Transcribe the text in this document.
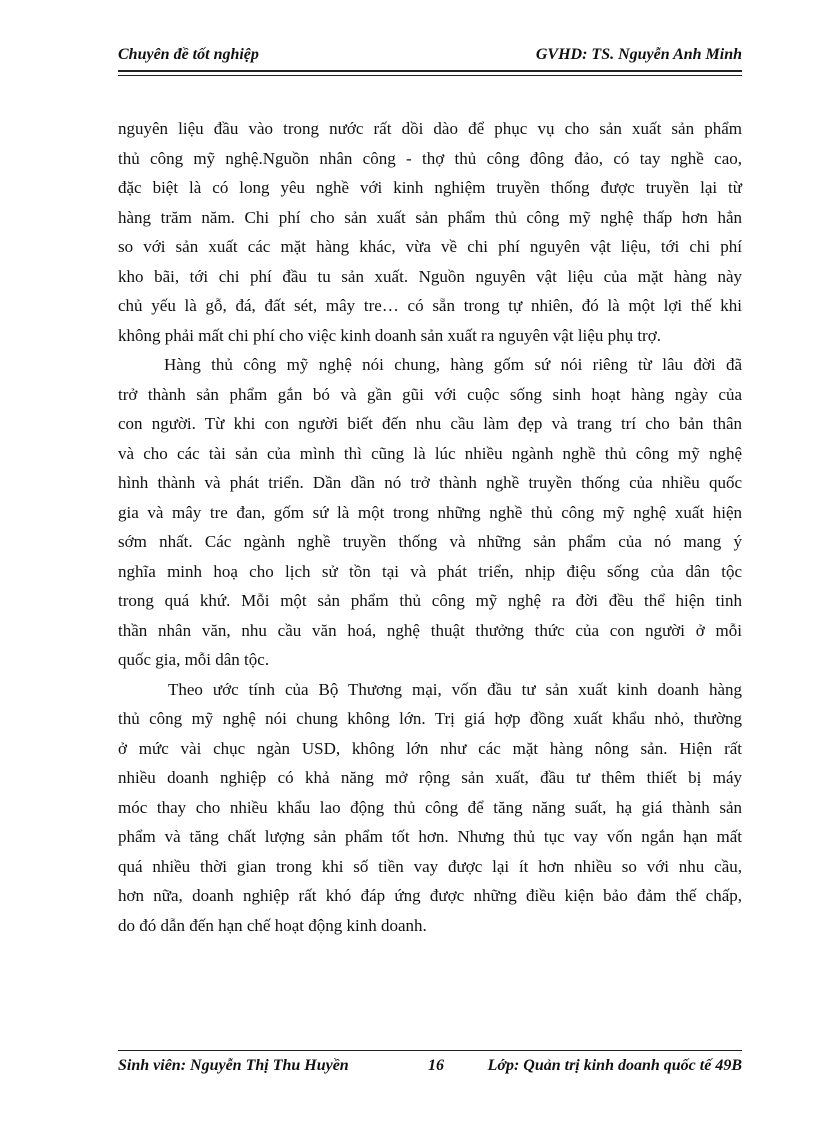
Chuyên đề tốt nghiệp	GVHD: TS. Nguyễn Anh Minh
nguyên liệu đầu vào trong nước rất dồi dào để phục vụ cho sản xuất sản phẩm
thủ công mỹ nghệ.Nguồn nhân công - thợ thủ công đông đảo, có tay nghề cao,
đặc biệt là có long yêu nghề với kinh nghiệm truyền thống được truyền lại từ
hàng trăm năm. Chi phí cho sản xuất sản phẩm thủ công mỹ nghệ thấp hơn hẳn
so với sản xuất các mặt hàng khác, vừa về chi phí nguyên vật liệu, tới chi phí
kho bãi, tới chi phí đầu tu sản xuất. Nguồn nguyên vật liệu của mặt hàng này
chủ yếu là gỗ, đá, đất sét, mây tre… có sẵn trong tự nhiên, đó là một lợi thế khi
không phải mất chi phí cho việc kinh doanh sản xuất ra nguyên vật liệu phụ trợ.
Hàng thủ công mỹ nghệ nói chung, hàng gốm sứ nói riêng từ lâu đời đã
trở thành sản phẩm gắn bó và gần gũi với cuộc sống sinh hoạt hàng ngày của
con người. Từ khi con người biết đến nhu cầu làm đẹp và trang trí cho bản thân
và cho các tài sản của mình thì cũng là lúc nhiều ngành nghề thủ công mỹ nghệ
hình thành và phát triển. Dần dần nó trở thành nghề truyền thống của nhiều quốc
gia và mây tre đan, gốm sứ là một trong những nghề thủ công mỹ nghệ xuất hiện
sớm nhất. Các ngành nghề truyền thống và những sản phẩm của nó mang ý
nghĩa minh hoạ cho lịch sử tồn tại và phát triển, nhịp điệu sống của dân tộc
trong quá khứ. Mỗi một sản phẩm thủ công mỹ nghệ ra đời đều thể hiện tinh
thần nhân văn, nhu cầu văn hoá, nghệ thuật thưởng thức của con người ở mỗi
quốc gia, mỗi dân tộc.
Theo ước tính của Bộ Thương mại, vốn đầu tư sản xuất kinh doanh hàng
thủ công mỹ nghệ nói chung không lớn. Trị giá hợp đồng xuất khẩu nhỏ, thường
ở mức vài chục ngàn USD, không lớn như các mặt hàng nông sản. Hiện rất
nhiều doanh nghiệp có khả năng mở rộng sản xuất, đầu tư thêm thiết bị máy
móc thay cho nhiều khẩu lao động thủ công để tăng năng suất, hạ giá thành sản
phẩm và tăng chất lượng sản phẩm tốt hơn. Nhưng thủ tục vay vốn ngắn hạn mất
quá nhiều thời gian trong khi số tiền vay được lại ít hơn nhiều so với nhu cầu,
hơn nữa, doanh nghiệp rất khó đáp ứng được những điều kiện bảo đảm thế chấp,
do đó dẫn đến hạn chế hoạt động kinh doanh.
Sinh viên: Nguyễn Thị Thu Huyền	16	Lớp: Quản trị kinh doanh quốc tế 49B
